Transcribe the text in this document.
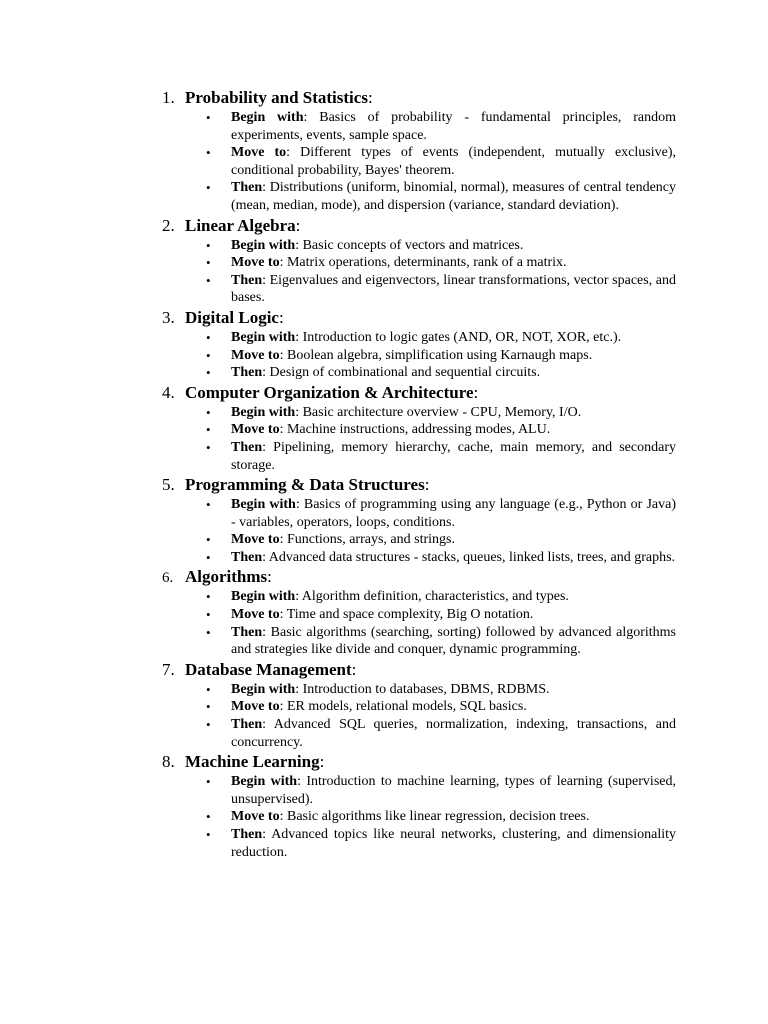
1. Probability and Statistics :
• Begin with: Basics of probability - fundamental principles, random experiments, events, sample space.
• Move to: Different types of events (independent, mutually exclusive), conditional probability, Bayes' theorem.
• Then: Distributions (uniform, binomial, normal), measures of central tendency (mean, median, mode), and dispersion (variance, standard deviation).
2. Linear Algebra :
• Begin with: Basic concepts of vectors and matrices.
• Move to: Matrix operations, determinants, rank of a matrix.
• Then: Eigenvalues and eigenvectors, linear transformations, vector spaces, and bases.
3. Digital Logic :
• Begin with: Introduction to logic gates (AND, OR, NOT, XOR, etc.).
• Move to: Boolean algebra, simplification using Karnaugh maps.
• Then: Design of combinational and sequential circuits.
4. Computer Organization & Architecture :
• Begin with: Basic architecture overview - CPU, Memory, I/O.
• Move to: Machine instructions, addressing modes, ALU.
• Then: Pipelining, memory hierarchy, cache, main memory, and secondary storage.
5. Programming & Data Structures :
• Begin with: Basics of programming using any language (e.g., Python or Java) - variables, operators, loops, conditions.
• Move to: Functions, arrays, and strings.
• Then: Advanced data structures - stacks, queues, linked lists, trees, and graphs.
6. Algorithms :
• Begin with: Algorithm definition, characteristics, and types.
• Move to: Time and space complexity, Big O notation.
• Then: Basic algorithms (searching, sorting) followed by advanced algorithms and strategies like divide and conquer, dynamic programming.
7. Database Management :
• Begin with: Introduction to databases, DBMS, RDBMS.
• Move to: ER models, relational models, SQL basics.
• Then: Advanced SQL queries, normalization, indexing, transactions, and concurrency.
8. Machine Learning :
• Begin with: Introduction to machine learning, types of learning (supervised, unsupervised).
• Move to: Basic algorithms like linear regression, decision trees.
• Then: Advanced topics like neural networks, clustering, and dimensionality reduction.
